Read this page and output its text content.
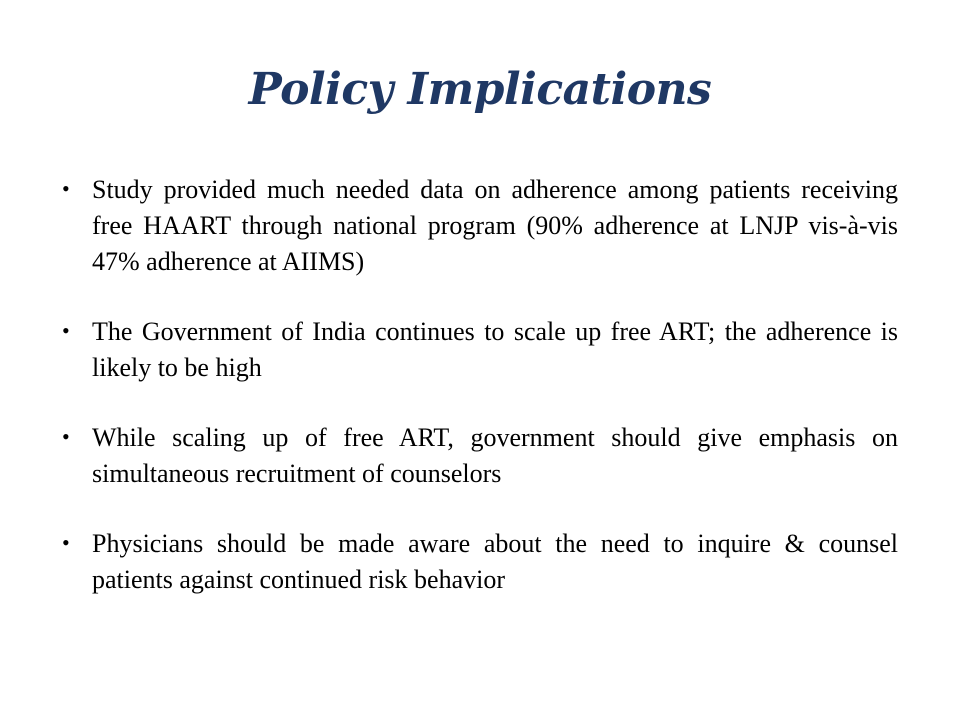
Policy Implications
• Study provided much needed data on adherence among patients receiving free HAART through national program (90% adherence at LNJP vis-à-vis 47% adherence at AIIMS)
• The Government of India continues to scale up free ART; the adherence is likely to be high
• While scaling up of free ART, government should give emphasis on simultaneous recruitment of counselors
• Physicians should be made aware about the need to inquire & counsel patients against continued risk behavior
